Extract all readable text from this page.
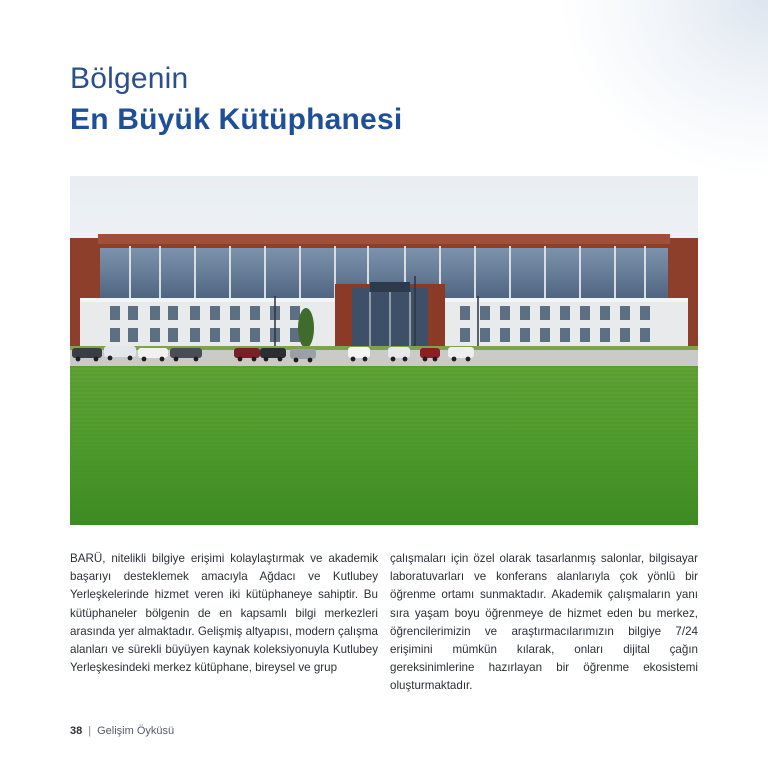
Bölgenin
En Büyük Kütüphanesi

BARÜ, nitelikli bilgiye erişimi kolaylaştırmak ve akademik başarıyı desteklemek amacıyla Ağdacı ve Kutlubey Yerleşkelerinde hizmet veren iki kütüphaneye sahiptir. Bu kütüphaneler bölgenin de en kapsamlı bilgi merkezleri arasında yer almaktadır. Gelişmiş altyapısı, modern çalışma alanları ve sürekli büyüyen kaynak koleksiyonuyla Kutlubey Yerleşkesindeki merkez kütüphane, bireysel ve grup

çalışmaları için özel olarak tasarlanmış salonlar, bilgisayar laboratuvarları ve konferans alanlarıyla çok yönlü bir öğrenme ortamı sunmaktadır. Akademik çalışmaların yanı sıra yaşam boyu öğrenmeye de hizmet eden bu merkez, öğrencilerimizin ve araştırmacılarımızın bilgiye 7/24 erişimini mümkün kılarak, onları dijital çağın gereksinimlerine hazırlayan bir öğrenme ekosistemi oluşturmaktadır.

38 | Gelişim Öyküsü
